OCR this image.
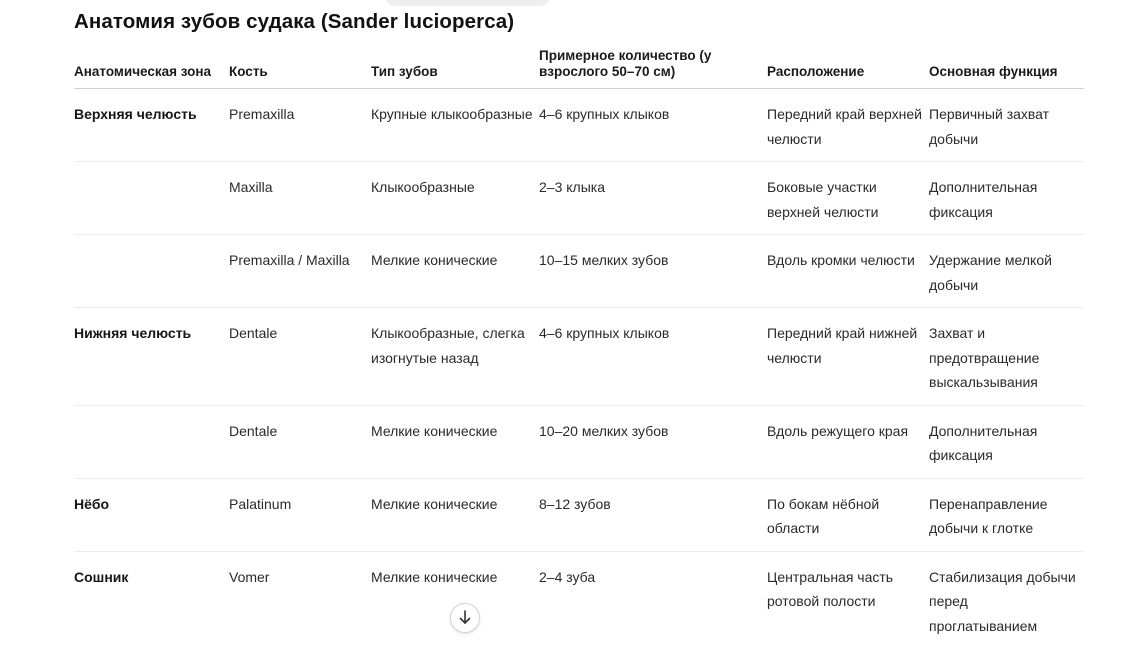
Анатомия зубов судака (Sander lucioperca)
Анатомическая зона	Кость	Тип зубов	Примерное количество (у взрослого 50–70 см)	Расположение	Основная функция
Верхняя челюсть	Premaxilla	Крупные клыкообразные	4–6 крупных клыков	Передний край верхней челюсти	Первичный захват добычи
	Maxilla	Клыкообразные	2–3 клыка	Боковые участки верхней челюсти	Дополнительная фиксация
	Premaxilla / Maxilla	Мелкие конические	10–15 мелких зубов	Вдоль кромки челюсти	Удержание мелкой добычи
Нижняя челюсть	Dentale	Клыкообразные, слегка изогнутые назад	4–6 крупных клыков	Передний край нижней челюсти	Захват и предотвращение выскальзывания
	Dentale	Мелкие конические	10–20 мелких зубов	Вдоль режущего края	Дополнительная фиксация
Нёбо	Palatinum	Мелкие конические	8–12 зубов	По бокам нёбной области	Перенаправление добычи к глотке
Сошник	Vomer	Мелкие конические	2–4 зуба	Центральная часть ротовой полости	Стабилизация добычи перед проглатыванием
